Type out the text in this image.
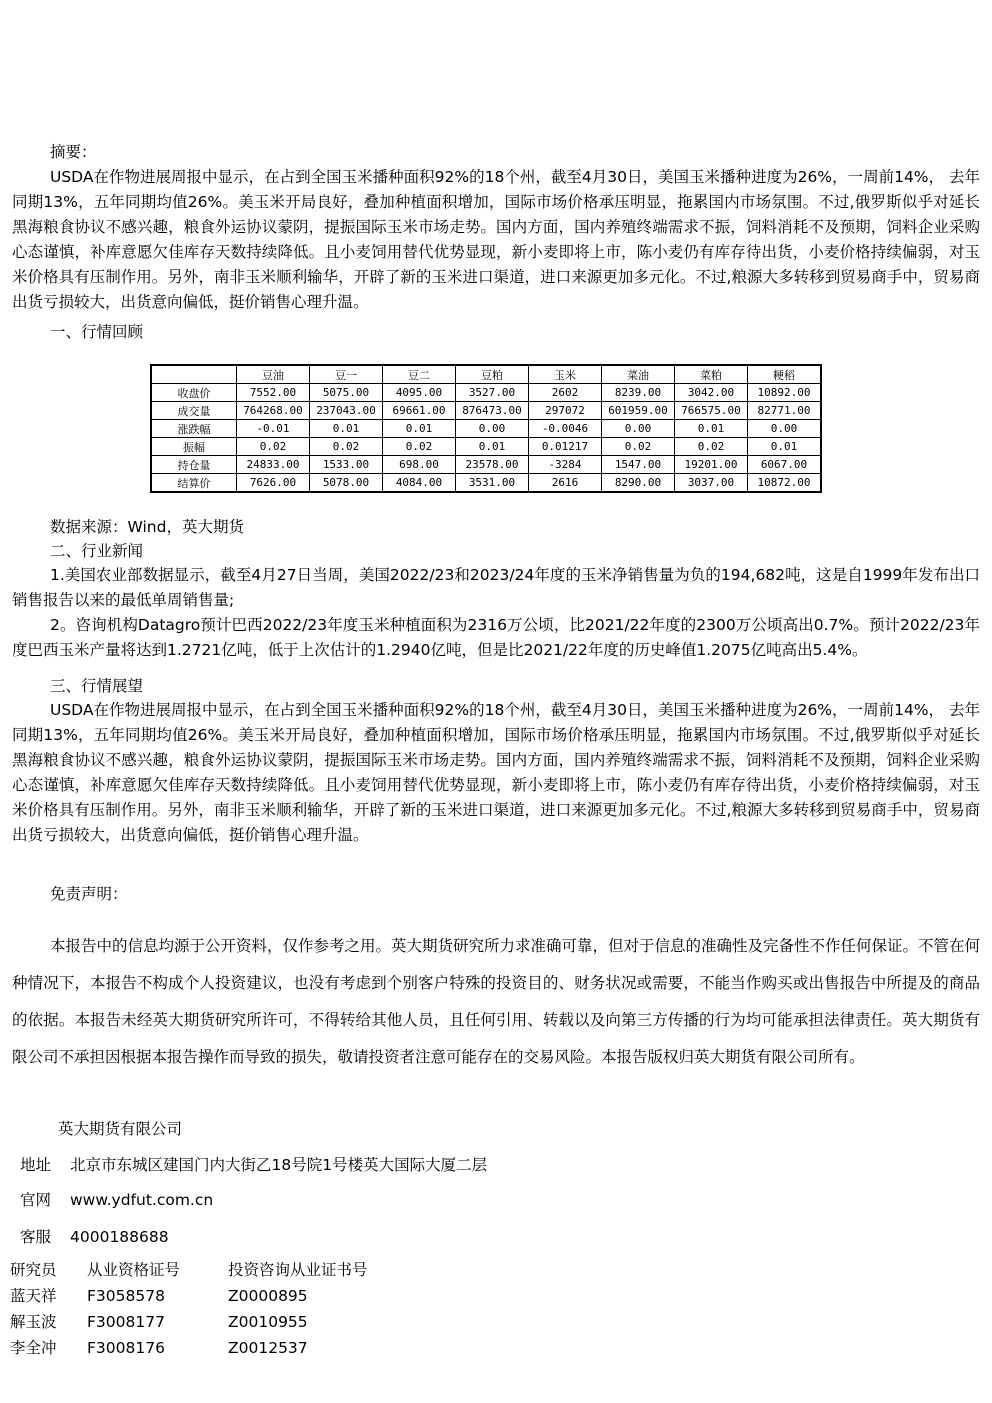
摘要：

USDA在作物进展周报中显示，在占到全国玉米播种面积92%的18个州，截至4月30日，美国玉米播种进度为26%，一周前14%， 去年同期13%，五年同期均值26%。美玉米开局良好，叠加种植面积增加，国际市场价格承压明显，拖累国内市场氛围。不过,俄罗斯似乎对延长黑海粮食协议不感兴趣，粮食外运协议蒙阴，提振国际玉米市场走势。国内方面，国内养殖终端需求不振，饲料消耗不及预期，饲料企业采购心态谨慎，补库意愿欠佳库存天数持续降低。且小麦饲用替代优势显现，新小麦即将上市，陈小麦仍有库存待出货，小麦价格持续偏弱，对玉米价格具有压制作用。另外，南非玉米顺利输华，开辟了新的玉米进口渠道，进口来源更加多元化。不过,粮源大多转移到贸易商手中，贸易商出货亏损较大，出货意向偏低，挺价销售心理升温。

一、行情回顾
	豆油	豆一	豆二	豆粕	玉米	菜油	菜粕	粳稻
收盘价	7552.00	5075.00	4095.00	3527.00	2602	8239.00	3042.00	10892.00
成交量	764268.00	237043.00	69661.00	876473.00	297072	601959.00	766575.00	82771.00
涨跌幅	-0.01	0.01	0.01	0.00	-0.0046	0.00	0.01	0.00
振幅	0.02	0.02	0.02	0.01	0.01217	0.02	0.02	0.01
持仓量	24833.00	1533.00	698.00	23578.00	-3284	1547.00	19201.00	6067.00
结算价	7626.00	5078.00	4084.00	3531.00	2616	8290.00	3037.00	10872.00
数据来源：Wind，英大期货
二、行业新闻

1.美国农业部数据显示，截至4月27日当周，美国2022/23和2023/24年度的玉米净销售量为负的194,682吨，这是自1999年发布出口销售报告以来的最低单周销售量;

2。咨询机构Datagro预计巴西2022/23年度玉米种植面积为2316万公顷，比2021/22年度的2300万公顷高出0.7%。预计2022/23年度巴西玉米产量将达到1.2721亿吨，低于上次估计的1.2940亿吨，但是比2021/22年度的历史峰值1.2075亿吨高出5.4%。

三、行情展望

USDA在作物进展周报中显示，在占到全国玉米播种面积92%的18个州，截至4月30日，美国玉米播种进度为26%，一周前14%， 去年同期13%，五年同期均值26%。美玉米开局良好，叠加种植面积增加，国际市场价格承压明显，拖累国内市场氛围。不过,俄罗斯似乎对延长黑海粮食协议不感兴趣，粮食外运协议蒙阴，提振国际玉米市场走势。国内方面，国内养殖终端需求不振，饲料消耗不及预期，饲料企业采购心态谨慎，补库意愿欠佳库存天数持续降低。且小麦饲用替代优势显现，新小麦即将上市，陈小麦仍有库存待出货，小麦价格持续偏弱，对玉米价格具有压制作用。另外，南非玉米顺利输华，开辟了新的玉米进口渠道，进口来源更加多元化。不过,粮源大多转移到贸易商手中，贸易商出货亏损较大，出货意向偏低，挺价销售心理升温。

免责声明：

本报告中的信息均源于公开资料，仅作参考之用。英大期货研究所力求准确可靠，但对于信息的准确性及完备性不作任何保证。不管在何种情况下，本报告不构成个人投资建议，也没有考虑到个别客户特殊的投资目的、财务状况或需要，不能当作购买或出售报告中所提及的商品的依据。本报告未经英大期货研究所许可，不得转给其他人员，且任何引用、转载以及向第三方传播的行为均可能承担法律责任。英大期货有限公司不承担因根据本报告操作而导致的损失，敬请投资者注意可能存在的交易风险。本报告版权归英大期货有限公司所有。

英大期货有限公司
地址 北京市东城区建国门内大街乙18号院1号楼英大国际大厦二层
官网 www.ydfut.com.cn
客服 4000188688
研究员 从业资格证号	投资咨询从业证书号
蓝天祥 F3058578	Z0000895
解玉波 F3008177	Z0010955
李全冲 F3008176	Z0012537
